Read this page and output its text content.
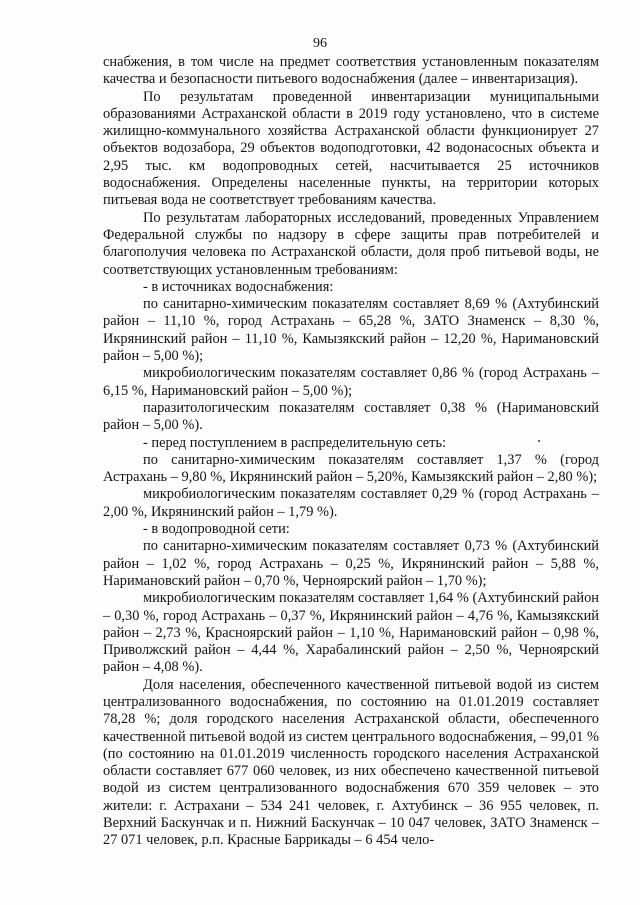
96

снабжения, в том числе на предмет соответствия установленным показателям качества и безопасности питьевого водоснабжения (далее – инвентаризация).

По результатам проведенной инвентаризации муниципальными образованиями Астраханской области в 2019 году установлено, что в системе жилищно-коммунального хозяйства Астраханской области функционирует 27 объектов водозабора, 29 объектов водоподготовки, 42 водонасосных объекта и 2,95 тыс. км водопроводных сетей, насчитывается 25 источников водоснабжения. Определены населенные пункты, на территории которых питьевая вода не соответствует требованиям качества.

По результатам лабораторных исследований, проведенных Управлением Федеральной службы по надзору в сфере защиты прав потребителей и благополучия человека по Астраханской области, доля проб питьевой воды, не соответствующих установленным требованиям:

- в источниках водоснабжения:

по санитарно-химическим показателям составляет 8,69 % (Ахтубинский район – 11,10 %, город Астрахань – 65,28 %, ЗАТО Знаменск – 8,30 %, Икрянинский район – 11,10 %, Камызякский район – 12,20 %, Наримановский район – 5,00 %);

микробиологическим показателям составляет 0,86 % (город Астрахань – 6,15 %, Наримановский район – 5,00 %);

паразитологическим показателям составляет 0,38 % (Наримановский район – 5,00 %).

- перед поступлением в распределительную сеть:

по санитарно-химическим показателям составляет 1,37 % (город Астрахань – 9,80 %, Икрянинский район – 5,20%, Камызякский район – 2,80 %);

микробиологическим показателям составляет 0,29 % (город Астрахань – 2,00 %, Икрянинский район – 1,79 %).

- в водопроводной сети:

по санитарно-химическим показателям составляет 0,73 % (Ахтубинский район – 1,02 %, город Астрахань – 0,25 %, Икрянинский район – 5,88 %, Наримановский район – 0,70 %, Черноярский район – 1,70 %);

микробиологическим показателям составляет 1,64 % (Ахтубинский район – 0,30 %, город Астрахань – 0,37 %, Икрянинский район – 4,76 %, Камызякский район – 2,73 %, Красноярский район – 1,10 %, Наримановский район – 0,98 %, Приволжский район – 4,44 %, Харабалинский район – 2,50 %, Черноярский район – 4,08 %).

Доля населения, обеспеченного качественной питьевой водой из систем централизованного водоснабжения, по состоянию на 01.01.2019 составляет 78,28 %; доля городского населения Астраханской области, обеспеченного качественной питьевой водой из систем центрального водоснабжения, – 99,01 % (по состоянию на 01.01.2019 численность городского населения Астраханской области составляет 677 060 человек, из них обеспечено качественной питьевой водой из систем централизованного водоснабжения 670 359 человек – это жители: г. Астрахани – 534 241 человек, г. Ахтубинск – 36 955 человек, п. Верхний Баскунчак и п. Нижний Баскунчак – 10 047 человек, ЗАТО Знаменск – 27 071 человек, р.п. Красные Баррикады – 6 454 чело-
